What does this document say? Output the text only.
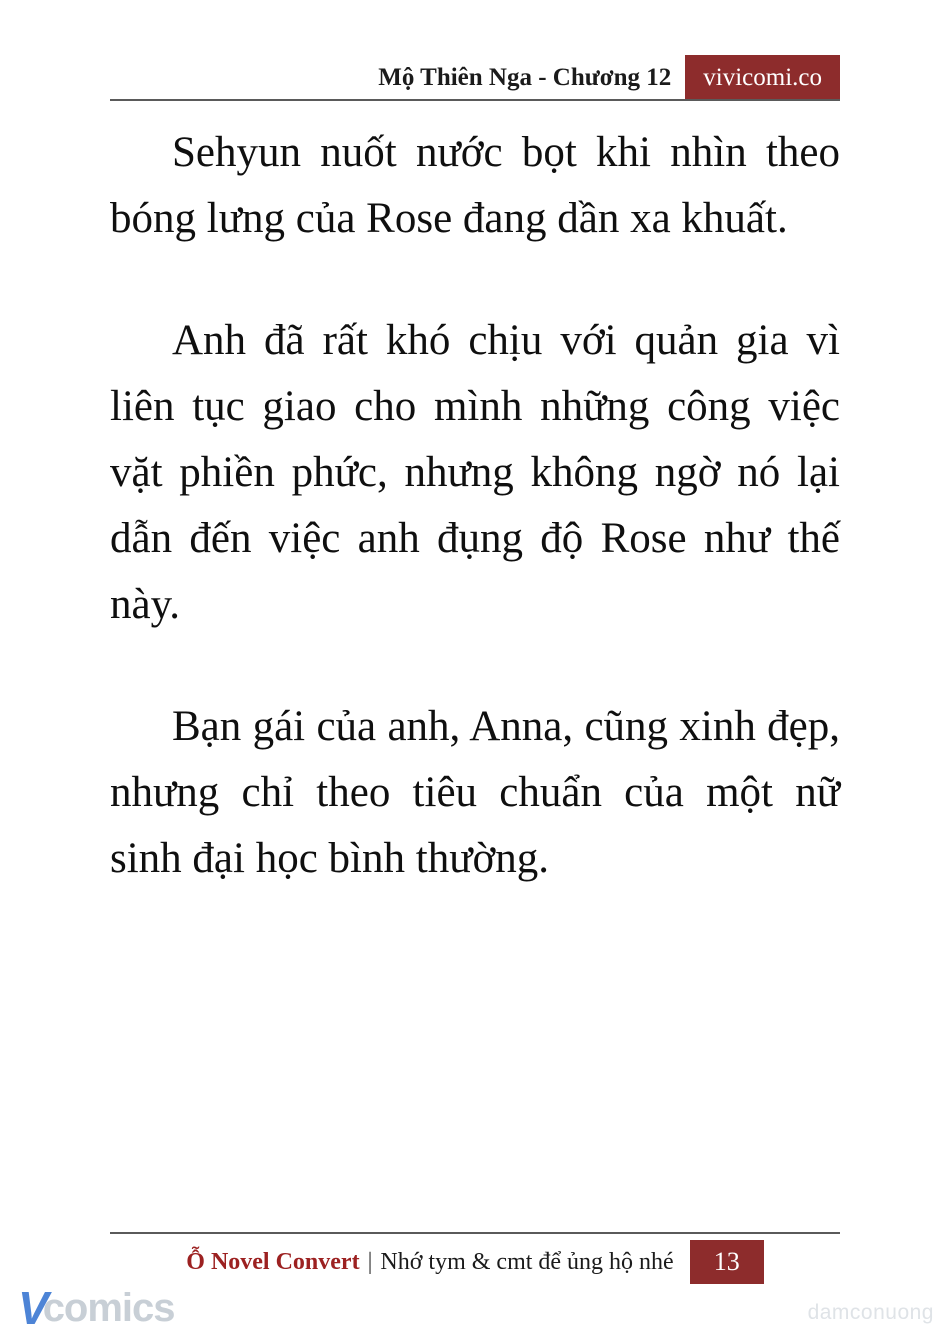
Mộ Thiên Nga - Chương 12	vivicomi.co

Sehyun nuốt nước bọt khi nhìn theo bóng lưng của Rose đang dần xa khuất.

Anh đã rất khó chịu với quản gia vì liên tục giao cho mình những công việc vặt phiền phức, nhưng không ngờ nó lại dẫn đến việc anh đụng độ Rose như thế này.

Bạn gái của anh, Anna, cũng xinh đẹp, nhưng chỉ theo tiêu chuẩn của một nữ sinh đại học bình thường.

Ỗ Novel Convert | Nhớ tym & cmt để ủng hộ nhé	13
V
comics	damconuong
